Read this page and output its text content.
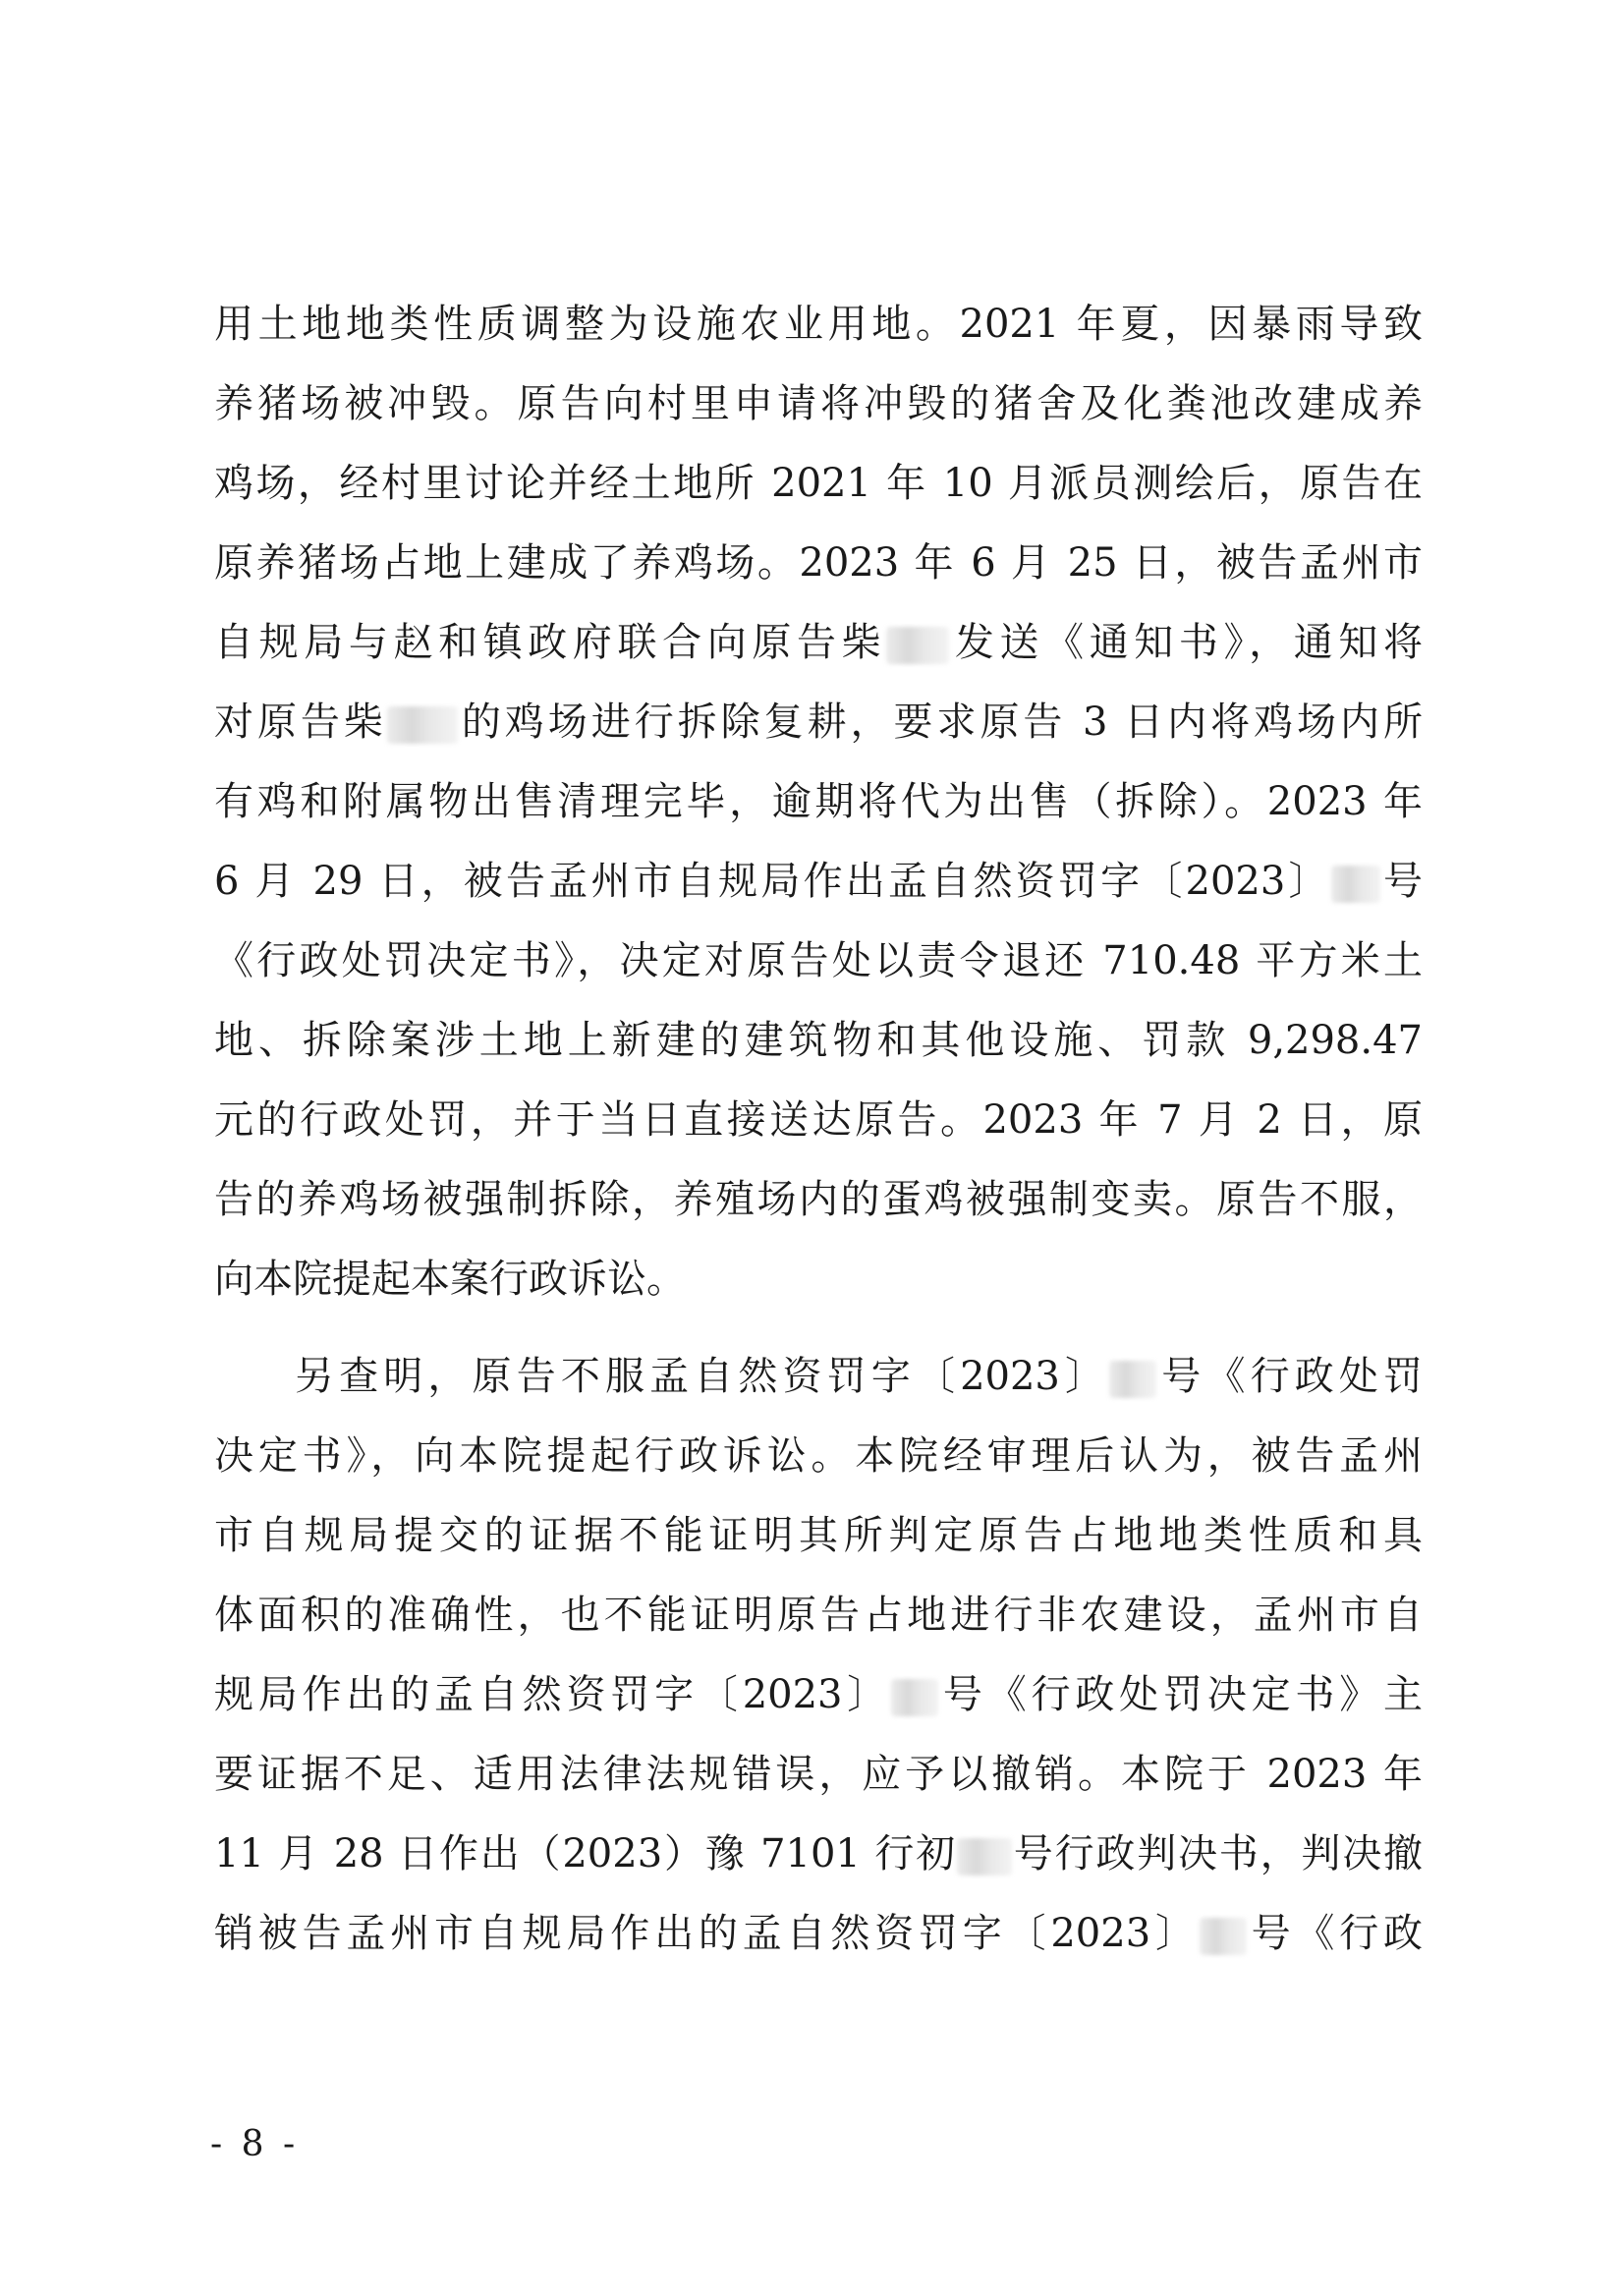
用土地地类性质调整为设施农业用地。2021 年夏，因暴雨导致
养猪场被冲毁。原告向村里申请将冲毁的猪舍及化粪池改建成养
鸡场，经村里讨论并经土地所 2021 年 10 月派员测绘后，原告在
原养猪场占地上建成了养鸡场。2023 年 6 月 25 日，被告孟州市
自规局与赵和镇政府联合向原告柴 发送《通知书》，通知将
对原告柴 的鸡场进行拆除复耕，要求原告 3 日内将鸡场内所
有鸡和附属物出售清理完毕，逾期将代为出售（拆除）。2023 年
6 月 29 日，被告孟州市自规局作出孟自然资罚字〔2023〕 号
《行政处罚决定书》，决定对原告处以责令退还 710.48 平方米土
地、拆除案涉土地上新建的建筑物和其他设施、罚款 9,298.47
元的行政处罚，并于当日直接送达原告。2023 年 7 月 2 日，原
告的养鸡场被强制拆除，养殖场内的蛋鸡被强制变卖。原告不服，
向本院提起本案行政诉讼。
另查明，原告不服孟自然资罚字〔2023〕 号《行政处罚
决定书》，向本院提起行政诉讼。本院经审理后认为，被告孟州
市自规局提交的证据不能证明其所判定原告占地地类性质和具
体面积的准确性，也不能证明原告占地进行非农建设，孟州市自
规局作出的孟自然资罚字〔2023〕 号《行政处罚决定书》主
要证据不足、适用法律法规错误，应予以撤销。本院于 2023 年
11 月 28 日作出（2023）豫 7101 行初 号行政判决书，判决撤
销被告孟州市自规局作出的孟自然资罚字〔2023〕 号《行政
- 8 -
